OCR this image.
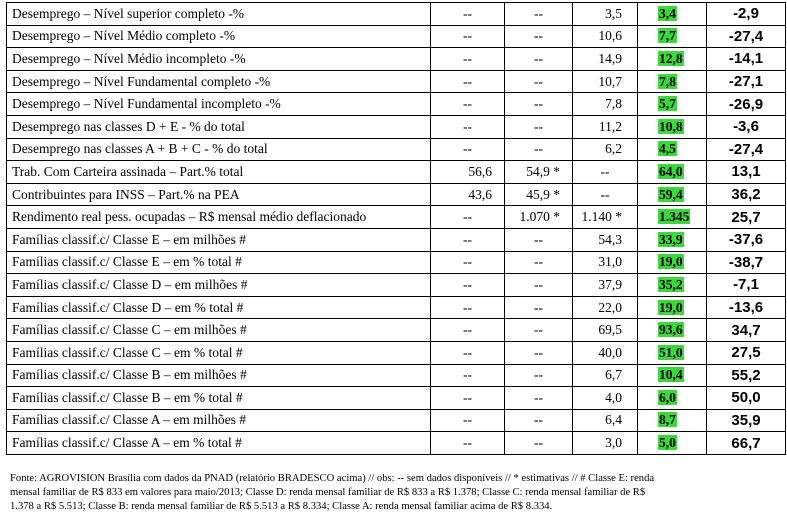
Desemprego – Nível superior completo -%	--	--	3,5	3,4	-2,9
Desemprego – Nível Médio completo -%	--	--	10,6	7,7	-27,4
Desemprego – Nível Médio incompleto -%	--	--	14,9	12,8	-14,1
Desemprego – Nível Fundamental completo -%	--	--	10,7	7,8	-27,1
Desemprego – Nível Fundamental incompleto -%	--	--	7,8	5,7	-26,9
Desemprego nas classes D + E - % do total	--	--	11,2	10,8	-3,6
Desemprego nas classes A + B + C - % do total	--	--	6,2	4,5	-27,4
Trab. Com Carteira assinada – Part.% total	56,6	54,9 *	--	64,0	13,1
Contribuintes para INSS – Part.% na PEA	43,6	45,9 *	--	59,4	36,2
Rendimento real pess. ocupadas – R$ mensal médio deflacionado	--	1.070 *	1.140 *	1.345	25,7
Famílias classif.c/ Classe E – em milhões #	--	--	54,3	33,9	-37,6
Famílias classif.c/ Classe E – em % total #	--	--	31,0	19,0	-38,7
Famílias classif.c/ Classe D – em milhões #	--	--	37,9	35,2	-7,1
Famílias classif.c/ Classe D – em % total #	--	--	22,0	19,0	-13,6
Famílias classif.c/ Classe C – em milhões #	--	--	69,5	93,6	34,7
Famílias classif.c/ Classe C – em % total #	--	--	40,0	51,0	27,5
Famílias classif.c/ Classe B – em milhões #	--	--	6,7	10,4	55,2
Famílias classif.c/ Classe B – em % total #	--	--	4,0	6,0	50,0
Famílias classif.c/ Classe A – em milhões #	--	--	6,4	8,7	35,9
Famílias classif.c/ Classe A – em % total #	--	--	3,0	5,0	66,7
Fonte: AGROVISION Brasília com dados da PNAD (relatório BRADESCO acima) // obs: -- sem dados disponíveis // * estimativas // # Classe E: renda
mensal familiar de R$ 833 em valores para maio/2013; Classe D: renda mensal familiar de R$ 833 a R$ 1.378; Classe C: renda mensal familiar de R$
1.378 a R$ 5.513; Classe B: renda mensal familiar de R$ 5.513 a R$ 8.334; Classe A: renda mensal familiar acima de R$ 8.334.
